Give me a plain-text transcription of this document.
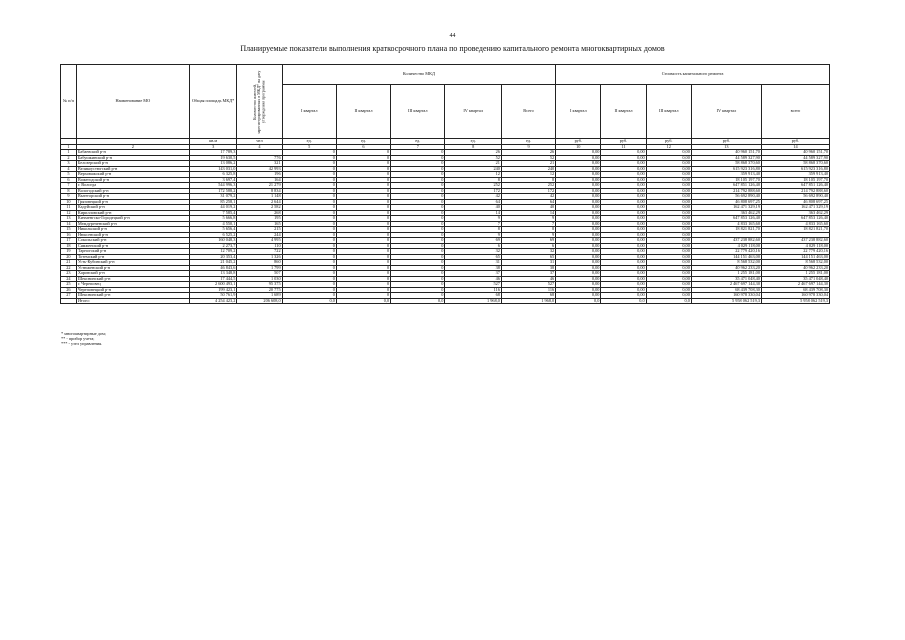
44
Планируемые показатели выполнения краткосрочного плана по проведению капитального ремонта многоквартирных домов
№ п/п	Наименование МО	Общая площадь МКД*	Количество жителей, зарегистрированных в МКД* на дату утверждения программы	Количество МКД					Стоимость капитального ремонта				
				I квартал	II квартал	III квартал	IV квартал	Всего	I квартал	II квартал	III квартал	IV квартал	всего
		кв.м	чел	ед.	ед.	ед.	ед.	ед.	руб.	руб.	руб.	руб.	руб.
1	2	3	4	5	6	7	8	9	10	11	12	13	14
1	Бабаевский р-н	17 789,3		0	0	0	26	26	0,00	0,00	0,00	40 960 151,70	40 960 151,70
2	Бабушкинский р-н	19 630,5	776	0	0	0	52	52	0,00	0,00	0,00	44 589 327,90	44 589 327,90
3	Белозерский р-н	13 086,2	321	0	0	0	21	21	0,00	0,00	0,00	58 868 370,60	58 868 370,60
4	Великоустюгский р-н	143 031,0	42 993	0	0	0	240	240	0,00	0,00	0,00	615 923 316,80	615 923 316,80
5	Верховажский р-н	6 325,8	196	0	0	0	12	12	0,00	0,00	0,00	359 913,40	359 913,40
6	Вожегодский р-н	3 697,4	164	0	0	0	8	8	0,00	0,00	0,00	18 105 197,70	18 105 197,70
7	г. Вологда	544 996,3	21 279	0	0	0	252	252	0,00	0,00	0,00	647 851 126,40	647 851 126,40
8	Вологодский р-н	172 588,2	8 834	0	0	0	172	172	0,00	0,00	0,00	214 792 888,60	214 792 888,60
9	Вытегорский р-н	31 079,2	1 148	0	0	0	42	42	0,00	0,00	0,00	56 692 890,40	56 692 890,40
10	Грязовецкий р-н	85 258,1	2 644	0	0	0	64	64	0,00	0,00	0,00	46 808 697,25	46 808 697,25
11	Кадуйский р-н	44 019,2	2 582	0	0	0	40	40	0,00	0,00	0,00	162 471 329,19	162 471 329,19
12	Кирилловский р-н	7 585,4	268	0	0	0	14	14	0,00	0,00	0,00	363 462,29	363 462,29
13	Кичменгско-Городецкий р-н	5 666,8	195	0	0	0	9	9	0,00	0,00	0,00	647 853 126,40	647 853 126,40
14	Междуреченский р-н	4 550,1	165	0	0	0	7	7	0,00	0,00	0,00	4 833 165,60	4 833 165,60
15	Никольский р-н	5 656,4	215	0	0	0	8	8	0,00	0,00	0,00	18 821 821,70	18 821 821,70
16	Нюксенский р-н	6 525,2	244	0	0	0	9	9	0,00	0,00	0,00		
17	Сокольский р-н	160 048,3	4 995	0	0	0	69	69	0,00	0,00	0,00	437 238 882,60	437 238 882,60
18	Сямженский р-н	2 273,7	110	0	0	0	6	6	0,00	0,00	0,00	4 029 118,00	4 029 118,00
19	Тарногский р-н	12 709,2	722	0	0	0	32	32	0,00	0,00	0,00	22 779 420,16	22 779 420,16
20	Тотемский р-н	20 353,4	1 326	0	0	0	65	65	0,00	0,00	0,00	144 151 463,00	144 151 463,00
21	Усть-Кубинский р-н	21 045,2	860	0	0	0	31	31	0,00	0,00	0,00	8 568 532,00	8 568 532,00
22	Устюженский р-н	46 843,6	1 799	0	0	0	38	38	0,00	0,00	0,00	40 962 233,20	40 962 233,20
23	Харовский р-н	13 348,8	507	0	0	0	37	37	0,00	0,00	0,00	1 255 181,00	1 255 181,00
24	Шекснинский р-н	17 444,5	1 030	0	0	0	46	46	0,00	0,00	0,00	35 471 048,40	35 471 048,40
25	г. Череповец	2 600 493,1	95 375	0	0	0	527	527	0,00	0,00	0,00	2 467 697 144,30	2 467 697 144,30
26	Череповецкий р-н	199 423,1	20 775	0	0	0	116	116	0,00	0,00	0,00	68 439 708,30	68 439 708,30
27	Шекснинский р-н	50 761,9	1 689	0	0	0	68	68	0,00	0,00	0,00	160 978 330,04	160 978 330,04
	Итого:	4 254 423,2	206 608,0	0,0	0,0	0,0	1 968,0	1 968,0	0,0	0,0	0,0	5 958 062 519,3	5 958 062 519,3
* многоквартирные дом;
** - прибор учета;
*** - узел управления.
